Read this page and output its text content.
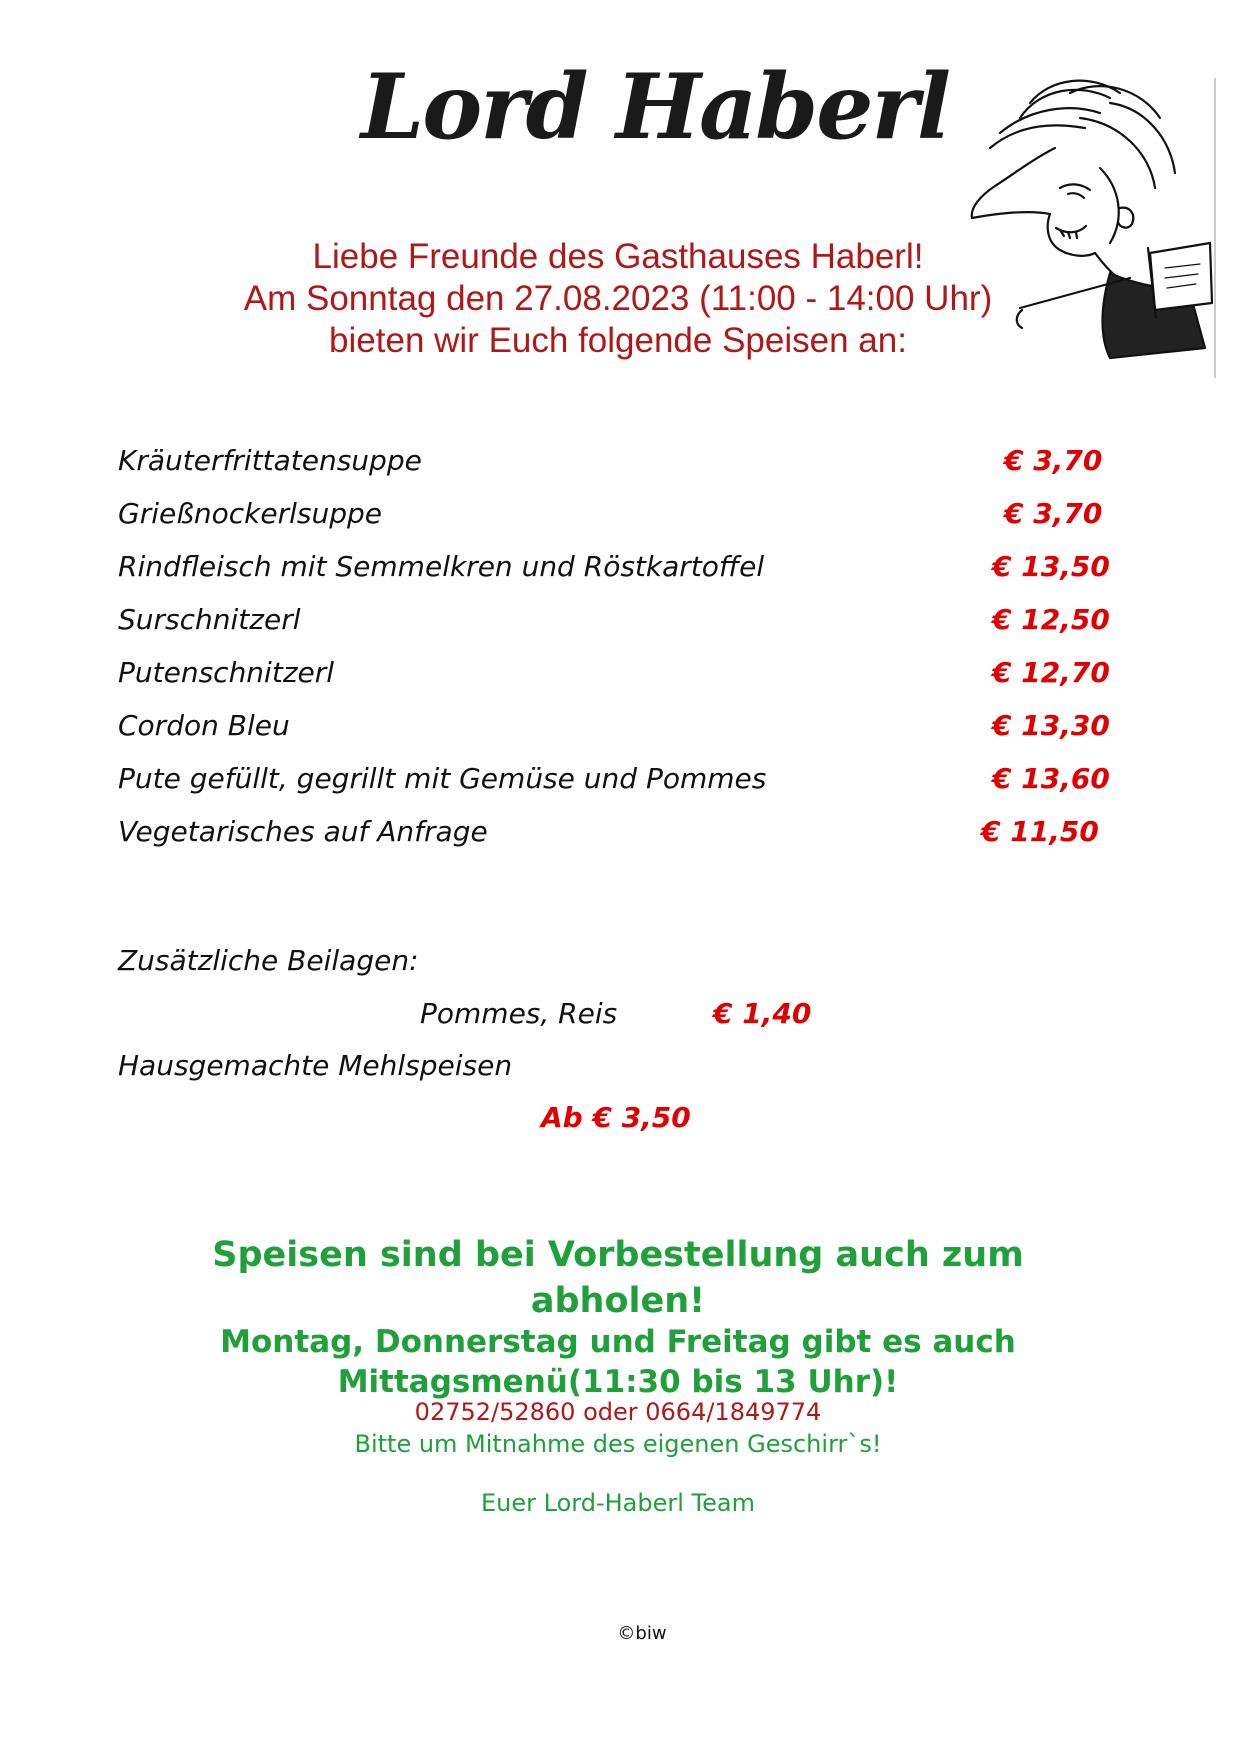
Lord Haberl
Liebe Freunde des Gasthauses Haberl!
Am Sonntag den 27.08.2023 (11:00 - 14:00 Uhr)
bieten wir Euch folgende Speisen an:
Kräuterfrittatensuppe	€ 3,70
Grießnockerlsuppe	€ 3,70
Rindfleisch mit Semmelkren und Röstkartoffel	€ 13,50
Surschnitzerl	€ 12,50
Putenschnitzerl	€ 12,70
Cordon Bleu	€ 13,30
Pute gefüllt, gegrillt mit Gemüse und Pommes	€ 13,60
Vegetarisches auf Anfrage	€ 11,50
Zusätzliche Beilagen:
Pommes, Reis	€ 1,40
Hausgemachte Mehlspeisen
Ab € 3,50
Speisen sind bei Vorbestellung auch zum
abholen!
Montag, Donnerstag und Freitag gibt es auch
Mittagsmenü(11:30 bis 13 Uhr)!
02752/52860 oder 0664/1849774
Bitte um Mitnahme des eigenen Geschirr`s!
Euer Lord-Haberl Team
©biw
